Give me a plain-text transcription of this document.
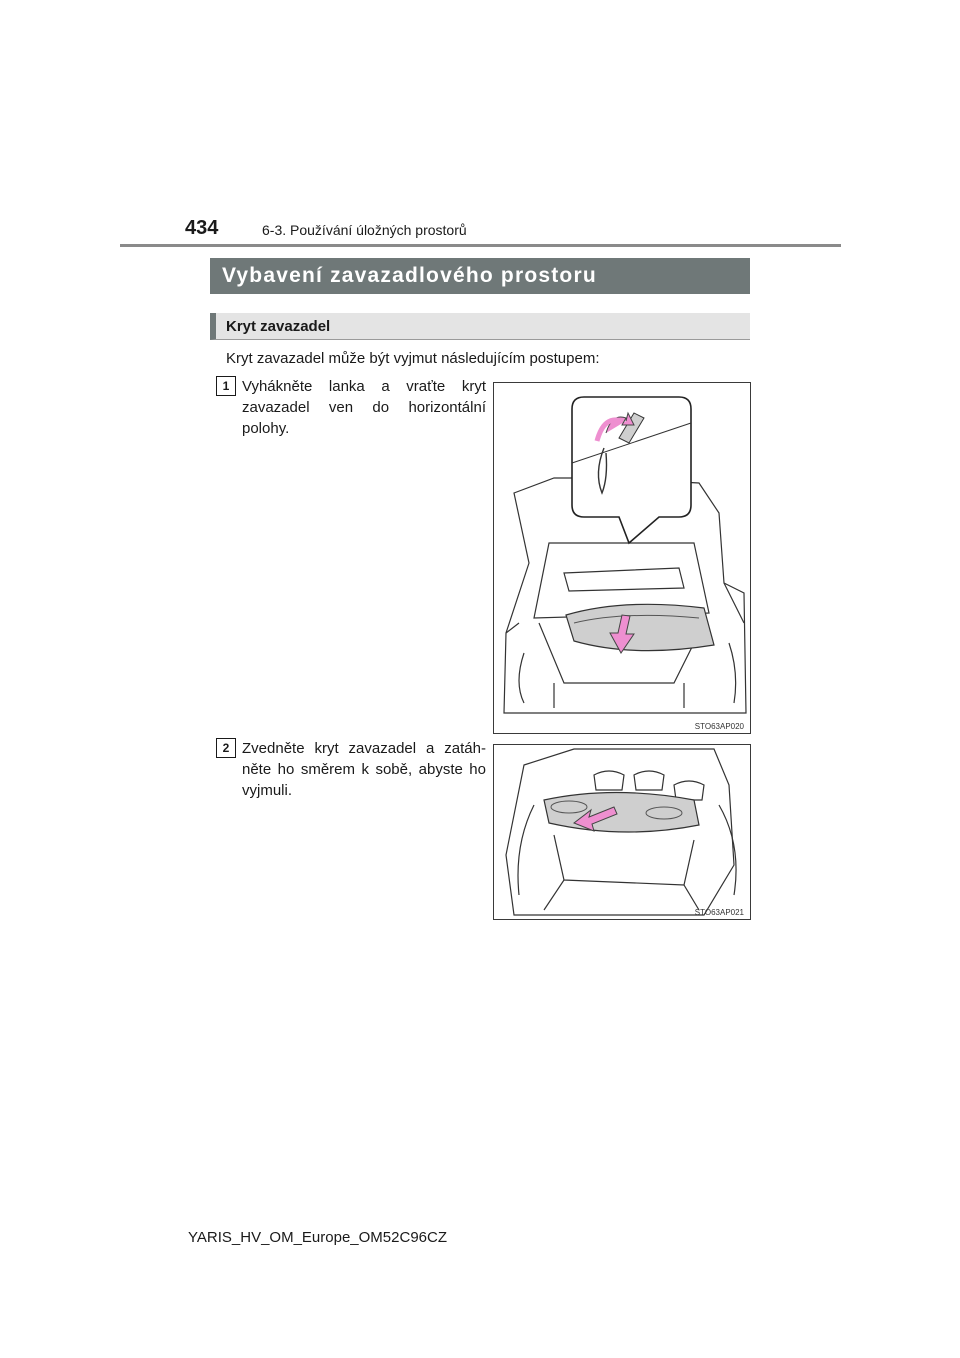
434	6-3. Používání úložných prostorů
Vybavení zavazadlového prostoru
Kryt zavazadel
Kryt zavazadel může být vyjmut následujícím postupem:
1 Vyhákněte lanka a vraťte kryt zavazadel ven do horizontální polohy.
STO63AP020
2 Zvedněte kryt zavazadel a zatáhněte ho směrem k sobě, abyste ho vyjmuli.
STO63AP021
YARIS_HV_OM_Europe_OM52C96CZ
